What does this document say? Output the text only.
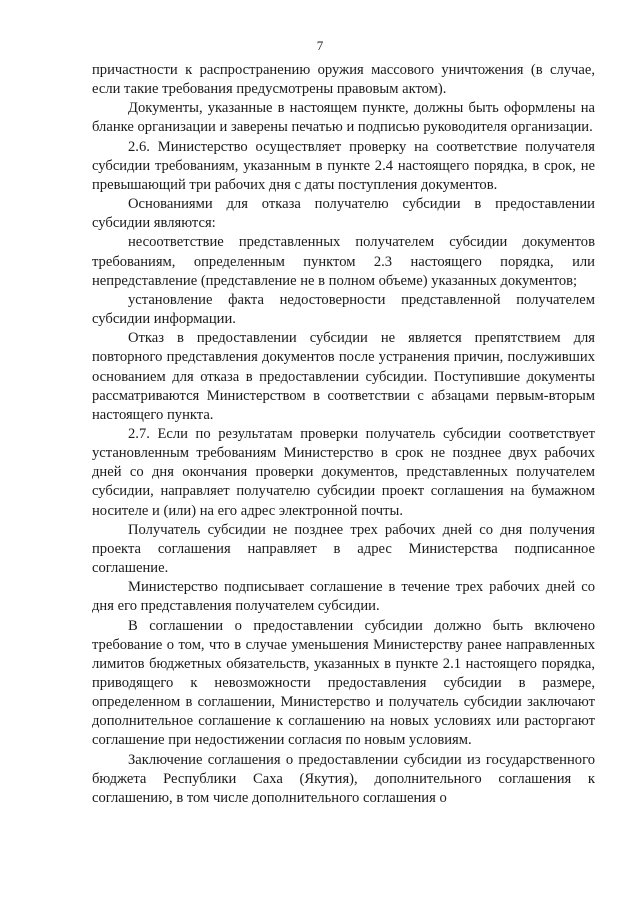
7

причастности к распространению оружия массового уничтожения (в случае, если такие требования предусмотрены правовым актом).

Документы, указанные в настоящем пункте, должны быть оформлены на бланке организации и заверены печатью и подписью руководителя организации.

2.6. Министерство осуществляет проверку на соответствие получателя субсидии требованиям, указанным в пункте 2.4 настоящего порядка, в срок, не превышающий три рабочих дня с даты поступления документов.

Основаниями для отказа получателю субсидии в предоставлении субсидии являются:

несоответствие представленных получателем субсидии документов требованиям, определенным пунктом 2.3 настоящего порядка, или непредставление (представление не в полном объеме) указанных документов;

установление факта недостоверности представленной получателем субсидии информации.

Отказ в предоставлении субсидии не является препятствием для повторного представления документов после устранения причин, послуживших основанием для отказа в предоставлении субсидии. Поступившие документы рассматриваются Министерством в соответствии с абзацами первым-вторым настоящего пункта.

2.7. Если по результатам проверки получатель субсидии соответствует установленным требованиям Министерство в срок не позднее двух рабочих дней со дня окончания проверки документов, представленных получателем субсидии, направляет получателю субсидии проект соглашения на бумажном носителе и (или) на его адрес электронной почты.

Получатель субсидии не позднее трех рабочих дней со дня получения проекта соглашения направляет в адрес Министерства подписанное соглашение.

Министерство подписывает соглашение в течение трех рабочих дней со дня его представления получателем субсидии.

В соглашении о предоставлении субсидии должно быть включено требование о том, что в случае уменьшения Министерству ранее направленных лимитов бюджетных обязательств, указанных в пункте 2.1 настоящего порядка, приводящего к невозможности предоставления субсидии в размере, определенном в соглашении, Министерство и получатель субсидии заключают дополнительное соглашение к соглашению на новых условиях или расторгают соглашение при недостижении согласия по новым условиям.

Заключение соглашения о предоставлении субсидии из государственного бюджета Республики Саха (Якутия), дополнительного соглашения к соглашению, в том числе дополнительного соглашения о
